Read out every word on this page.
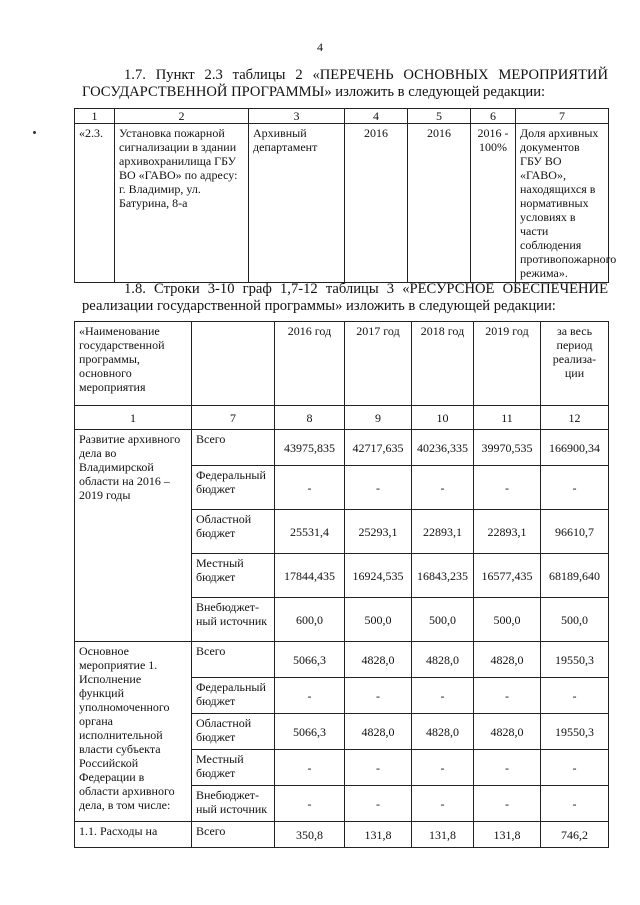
4
1.7. Пункт 2.3 таблицы 2 «ПЕРЕЧЕНЬ ОСНОВНЫХ МЕРОПРИЯТИЙ ГОСУДАРСТВЕННОЙ ПРОГРАММЫ» изложить в следующей редакции:
1	2	3	4	5	6	7
«2.3.	Установка пожарной сигнализации в здании архивохранилища ГБУ ВО «ГАВО» по адресу: г. Владимир, ул. Батурина, 8-а	Архивный департамент	2016	2016	2016 - 100%	Доля архивных документов ГБУ ВО «ГАВО», находящихся в нормативных условиях в части соблюдения противопожарного режима».
1.8. Строки 3-10 граф 1,7-12 таблицы 3 «РЕСУРСНОЕ ОБЕСПЕЧЕНИЕ реализации государственной программы» изложить в следующей редакции:
«Наименование государственной программы, основного мероприятия		2016 год	2017 год	2018 год	2019 год	за весь период реализа-ции
1	7	8	9	10	11	12
Развитие архивного дела во Владимирской области на 2016 – 2019 годы	Всего	43975,835	42717,635	40236,335	39970,535	166900,34
	Федеральный бюджет	-	-	-	-	-
	Областной бюджет	25531,4	25293,1	22893,1	22893,1	96610,7
	Местный бюджет	17844,435	16924,535	16843,235	16577,435	68189,640
	Внебюджет-ный источник	600,0	500,0	500,0	500,0	500,0
Основное мероприятие 1. Исполнение функций уполномоченного органа исполнительной власти субъекта Российской Федерации в области архивного дела, в том числе:	Всего	5066,3	4828,0	4828,0	4828,0	19550,3
	Федеральный бюджет	-	-	-	-	-
	Областной бюджет	5066,3	4828,0	4828,0	4828,0	19550,3
	Местный бюджет	-	-	-	-	-
	Внебюджет-ный источник	-	-	-	-	-
1.1. Расходы на	Всего	350,8	131,8	131,8	131,8	746,2
